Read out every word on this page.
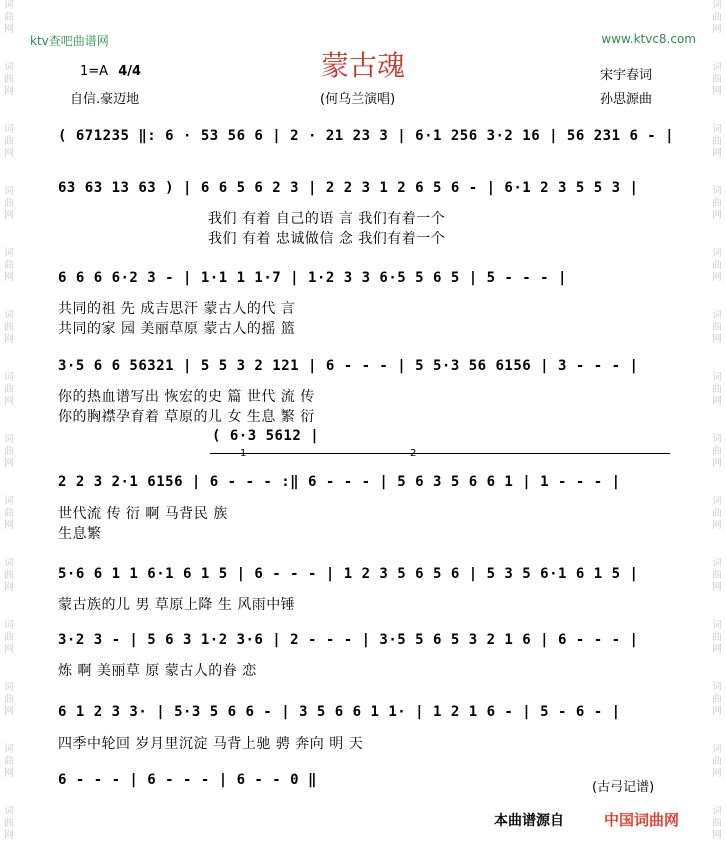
词
曲
网
词
曲
网
词
曲
网
词
曲
网
词
曲
网
词
曲
网
词
曲
网
词
曲
网
词
曲
网
词
曲
网
词
曲
网
词
曲
网
词
曲
网
词
曲
网
词
曲
网
词
曲
网
词
曲
网
词
曲
网
词
曲
网
词
曲
网
词
曲
网
词
曲
网
词
曲
网
词
曲
网
词
曲
网
词
曲
网
词
曲
网
词
曲
网
ktv查吧曲谱网	www.ktvc8.com
蒙古魂
1=A 4/4
自信.豪迈地	(何乌兰演唱)
宋宇春词
孙思源曲
( 671235 ‖: 6 · 53 56 6 | 2 · 21 23 3 | 6·1 256 3·2 16 | 56 231 6 - |
63 63 13 63 ) | 6 6 5 6 2 3 | 2 2 3 1 2 6 5 6 - | 6·1 2 3 5 5 3 |
我们 有着 自己的语 言 我们有着一个
我们 有着 忠诚做信 念 我们有着一个
6 6 6 6·2 3 - | 1·1 1 1·7 | 1·2 3 3 6·5 5 6 5 | 5 - - - |
共同的祖 先 成吉思汗 蒙古人的代 言
共同的家 园 美丽草原 蒙古人的摇 篮
3·5 6 6 56321 | 5 5 3 2 121 | 6 - - - | 5 5·3 56 6156 | 3 - - - |
你的热血谱写出 恢宏的史 篇 世代 流 传
你的胸襟孕育着 草原的儿 女 生息 繁 衍
( 6·3 5612 |
1	2
2 2 3 2·1 6156 | 6 - - - :‖ 6 - - - | 5 6 3 5 6 6 1 | 1 - - - |
世代流 传 衍 啊 马背民 族
生息繁
5·6 6 1 1 6·1 6 1 5 | 6 - - - | 1 2 3 5 6 5 6 | 5 3 5 6·1 6 1 5 |
蒙古族的儿 男 草原上降 生 风雨中锤
3·2 3 - | 5 6 3 1·2 3·6 | 2 - - - | 3·5 5 6 5 3 2 1 6 | 6 - - - |
炼 啊 美丽草 原 蒙古人的眷 恋
6 1 2 3 3· | 5·3 5 6 6 - | 3 5 6 6 1 1· | 1 2 1 6 - | 5 - 6 - |
四季中轮回 岁月里沉淀 马背上驰 骋 奔向 明 天
6 - - - | 6 - - - | 6 - - 0 ‖	(古弓记谱)
本曲谱源自	中国词曲网
